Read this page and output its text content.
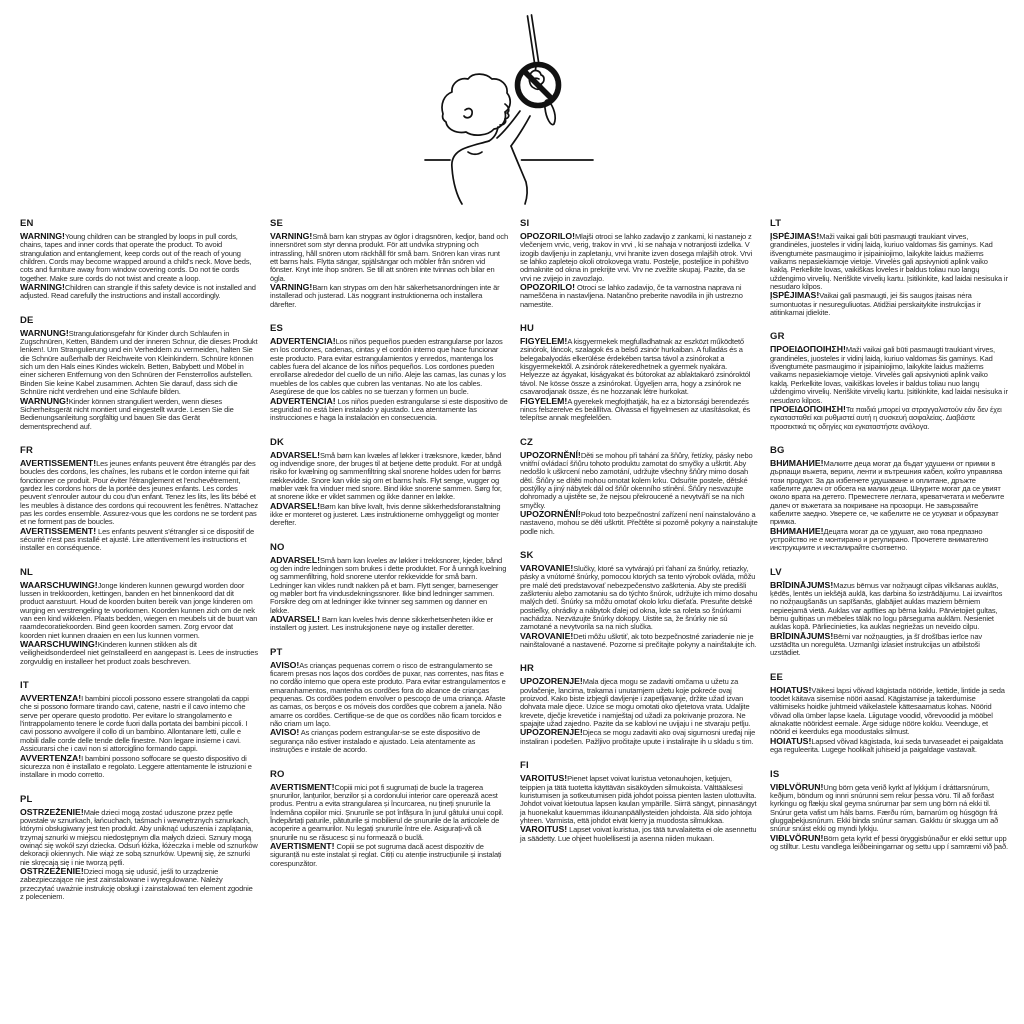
EN

WARNING!Young children can be strangled by loops in pull cords, chains, tapes and inner cords that operate the product. To avoid strangulation and entanglement, keep cords out of the reach of young children. Cords may become wrapped around a child's neck. Move beds, cots and furniture away from window covering cords. Do not tie cords together. Make sure cords do not twist and create a loop.

WARNING!Children can strangle if this safety device is not installed and adjusted. Read carefully the instructions and install accordingly.

DE

WARNUNG!Strangulationsgefahr für Kinder durch Schlaufen in Zugschnüren, Ketten, Bändern und der inneren Schnur, die dieses Produkt lenken!. Um Strangulierung und ein Verheddern zu vermeiden, halten Sie die Schnüre außerhalb der Reichweite von Kleinkindern. Schnüre können sich um den Hals eines Kindes wickeln. Betten, Babybett und Möbel in einer sicheren Entfernung von den Schnüren der Fensterrollos aufstellen. Binden Sie keine Kabel zusammen. Achten Sie darauf, dass sich die Schnüre nicht verdrehen und eine Schlaufe bilden.

WARNUNG!Kinder können stranguliert werden, wenn dieses Sicherheitsgerät nicht montiert und eingestellt wurde. Lesen Sie die Bedienungsanleitung sorgfältig und bauen Sie das Gerät dementsprechend auf.

FR

AVERTISSEMENT!Les jeunes enfants peuvent être étranglés par des boucles des cordons, les chaînes, les rubans et le cordon interne qui fait fonctionner ce produit. Pour éviter l'étranglement et l'enchevêtrement, gardez les cordons hors de la portée des jeunes enfants. Les cordes peuvent s'enrouler autour du cou d'un enfant. Tenez les lits, les lits bébé et les meubles à distance des cordons qui recouvrent les fenêtres. N'attachez pas les cordes ensemble. Assurez-vous que les cordons ne se tordent pas et ne forment pas de boucles.

AVERTISSEMENT! Les enfants peuvent s'étrangler si ce dispositif de sécurité n'est pas installé et ajusté. Lire attentivement les instructions et installer en conséquence.

NL

WAARSCHUWING!Jonge kinderen kunnen gewurgd worden door lussen in trekkoorden, kettingen, banden en het binnenkoord dat dit product aanstuurt. Houd de koorden buiten bereik van jonge kinderen om wurging en verstrengeling te voorkomen. Koorden kunnen zich om de nek van een kind wikkelen. Plaats bedden, wiegen en meubels uit de buurt van raamdecoratiekoorden. Bind geen koorden samen. Zorg ervoor dat koorden niet kunnen draaien en een lus kunnen vormen.

WAARSCHUWING!Kinderen kunnen stikken als dit veiligheidsonderdeel niet geïnstalleerd en aangepast is. Lees de instructies zorgvuldig en installeer het product zoals beschreven.

IT

AVVERTENZA!I bambini piccoli possono essere strangolati da cappi che si possono formare tirando cavi, catene, nastri e il cavo interno che serve per operare questo prodotto. Per evitare lo strangolamento e l'intrappolamento tenere le corde fuori dalla portata dei bambini piccoli. I cavi possono avvolgere il collo di un bambino. Allontanare letti, culle e mobili dalle corde delle tende delle finestre. Non legare insieme i cavi. Assicurarsi che i cavi non si attorciglino formando cappi.

AVVERTENZA!I bambini possono soffocare se questo dispositivo di sicurezza non è installato e regolato. Leggere attentamente le istruzioni e installare in modo corretto.

PL

OSTRZEŻENIE!Małe dzieci mogą zostać uduszone przez pętle powstałe w sznurkach, łańcuchach, taśmach i wewnętrznych sznurkach, którymi obsługiwany jest ten produkt. Aby uniknąć uduszenia i zaplątania, trzymaj sznurki w miejscu niedostępnym dla małych dzieci. Sznury mogą owinąć się wokół szyi dziecka. Odsuń łóżka, łóżeczka i meble od sznurków dekoracji okiennych. Nie wiąż ze sobą sznurków. Upewnij się, że sznurki nie skręcają się i nie tworzą pętli.

OSTRZEŻENIE!Dzieci mogą się udusić, jeśli to urządzenie zabezpieczające nie jest zainstalowane i wyregulowane. Należy przeczytać uważnie instrukcję obsługi i zainstalować ten element zgodnie z poleceniem.

SE

VARNING!Små barn kan strypas av öglor i dragsnören, kedjor, band och innersnöret som styr denna produkt. För att undvika strypning och intrassling, håll snören utom räckhåll för små barn. Snören kan viras runt ett barns hals. Flytta sängar, spjälsängar och möbler från snören vid fönster. Knyt inte ihop snören. Se till att snören inte tvinnas och bilar en ögla.

VARNING!Barn kan strypas om den här säkerhetsanordningen inte är installerad och justerad. Läs noggrant instruktionerna och installera därefter.

ES

ADVERTENCIA!Los niños pequeños pueden estrangularse por lazos en los cordones, cadenas, cintas y el cordón interno que hace funcionar este producto. Para evitar estrangulamientos y enredos, mantenga los cables fuera del alcance de los niños pequeños. Los cordones pueden enrollarse alrededor del cuello de un niño. Aleje las camas, las cunas y los muebles de los cables que cubren las ventanas. No ate los cables. Asegúrese de que los cables no se tuerzan y formen un bucle.

ADVERTENCIA! Los niños pueden estrangularse si este dispositivo de seguridad no está bien instalado y ajustado. Lea atentamente las instrucciones e haga la instalación en consecuencia.

DK

ADVARSEL!Små børn kan kvæles af løkker i træksnore, kæder, bånd og indvendige snore, der bruges til at betjene dette produkt. For at undgå risiko for kvælning og sammenfiltring skal snorene holdes uden for børns rækkevidde. Snore kan vikle sig om et barns hals. Flyt senge, vugger og møbler væk fra vinduer med snore. Bind ikke snorene sammen. Sørg for, at snorene ikke er viklet sammen og ikke danner en løkke.

ADVARSEL!Børn kan blive kvalt, hvis denne sikkerhedsforanstaltning ikke er monteret og justeret. Læs instruktionerne omhyggeligt og monter derefter.

NO

ADVARSEL!Små barn kan kveles av løkker i trekksnorer, kjeder, bånd og den indre ledningen som brukes i dette produktet. For å unngå kvelning og sammenfiltring, hold snorene utenfor rekkevidde for små barn. Ledninger kan vikles rundt nakken på et barn. Flytt senger, barnesenger og møbler bort fra vindusdekningssnorer. Ikke bind ledninger sammen. Forsikre deg om at ledninger ikke tvinner seg sammen og danner en løkke.

ADVARSEL! Barn kan kveles hvis denne sikkerhetsenheten ikke er installert og justert. Les instruksjonene nøye og installer deretter.

PT

AVISO!As crianças pequenas correm o risco de estrangulamento se ficarem presas nos laços dos cordões de puxar, nas correntes, nas fitas e no cordão interno que opera este produto. Para evitar estrangulamentos e emaranhamentos, mantenha os cordões fora do alcance de crianças pequenas. Os cordões podem envolver o pescoço de uma criança. Afaste as camas, os berços e os móveis dos cordões que cobrem a janela. Não amarre os cordões. Certifique-se de que os cordões não ficam torcidos e não criam um laço.

AVISO! As crianças podem estrangular-se se este dispositivo de segurança não estiver instalado e ajustado. Leia atentamente as instruções e instale de acordo.

RO

AVERTISMENT!Copiii mici pot fi sugrumați de bucle la tragerea șnururilor, lanțurilor, benzilor și a cordonului interior care operează acest produs. Pentru a evita strangularea și încurcarea, nu țineți șnururile la îndemâna copiilor mici. Șnururile se pot înfășura în jurul gâtului unui copil. Îndepărtați paturile, pătuturile și mobilierul de șnururile de la articolele de acoperire a geamurilor. Nu legați șnururile între ele. Asigurați-vă că șnururile nu se răsucesc și nu formează o buclă.

AVERTISMENT! Copiii se pot sugruma dacă acest dispozitiv de siguranță nu este instalat și reglat. Citiți cu atenție instrucțiunile și instalați corespunzător.

SI

OPOZORILO!Mlajši otroci se lahko zadavijo z zankami, ki nastanejo z vlečenjem vrvic, verig, trakov in vrvi , ki se nahaja v notranjosti izdelka. V izogib davljenju in zapletanju, vrvi hranite izven dosega mlajših otrok. Vrvi se lahko zapletejo okoli otrokovega vratu. Postelje, posteljice in pohištvo odmaknite od okna in prekrijte vrvi. Vrv ne zvežite skupaj. Pazite, da se vrvi ne zvijejo in zavozlajo.

OPOZORILO! Otroci se lahko zadavijo, če ta varnostna naprava ni nameščena in nastavljena. Natančno preberite navodila in jih ustrezno namestite.

HU

FIGYELEM!A kisgyermekek megfulladhatnak az eszközt működtető zsinórok, láncok, szalagok és a belső zsinór hurkaiban. A fulladás és a belegabalyodás elkerülése érdekében tartsa távol a zsinórokat a kisgyermekektől. A zsinórok rátekeredhetnek a gyermek nyakára. Helyezze az ágyakat, kiságyakat és bútorokat az ablaktakaró zsinóroktól távol. Ne kösse össze a zsinórokat. Ügyeljen arra, hogy a zsinórok ne csavarodjanak össze, és ne hozzanak létre hurkokat.

FIGYELEM!A gyerekek megfojthatják, ha ez a biztonsági berendezés nincs felszerelve és beállítva. Olvassa el figyelmesen az utasításokat, és telepítse annak megfelelően.

CZ

UPOZORNĚNÍ!Děti se mohou při tahání za šňůry, řetízky, pásky nebo vnitřní ovládací šňůru tohoto produktu zamotat do smyčky a uškrtit. Aby nedošlo k uškrcení nebo zamotání, udržujte všechny šňůry mimo dosah dětí. Šňůry se dítěti mohou omotat kolem krku. Odsuňte postele, dětské postýlky a jiný nábytek dál od šňůr okenního stínění. Šňůry nesvazujte dohromady a ujistěte se, že nejsou překroucené a nevytváří se na nich smyčky.

UPOZORNĚNÍ!Pokud toto bezpečnostní zařízení není nainstalováno a nastaveno, mohou se děti uškrtit. Přečtěte si pozorně pokyny a nainstalujte podle nich.

SK

VAROVANIE!Slučky, ktoré sa vytvárajú pri ťahaní za šnúrky, retiazky, pásky a vnútorné šnúrky, pomocou ktorých sa tento výrobok ovláda, môžu pre malé deti predstavovať nebezpečenstvo zaškrtenia. Aby ste predišli zaškrteniu alebo zamotaniu sa do týchto šnúrok, udržujte ich mimo dosahu malých detí. Šnúrky sa môžu omotať okolo krku dieťaťa. Presuňte detské postieľky, ohrádky a nábytok ďalej od okna, kde sa roleta so šnúrkami nachádza. Nezväzujte šnúrky dokopy. Uistite sa, že šnúrky nie sú zamotané a nevytvorila sa na nich slučka.

VAROVANIE!Deti môžu uškrtiť, ak toto bezpečnostné zariadenie nie je nainštalované a nastavené. Pozorne si prečítajte pokyny a nainštalujte ich.

HR

UPOZORENJE!Mala djeca mogu se zadaviti omčama u užetu za povlačenje, lancima, trakama i unutarnjem užetu koje pokreće ovaj proizvod. Kako biste izbjegli davljenje i zapetljavanje, držite užad izvan dohvata male djece. Uzice se mogu omotati oko djetetova vrata. Udaljite krevete, dječje krevetiće i namještaj od užadi za pokrivanje prozora. Ne spajajte užad zajedno. Pazite da se kablovi ne uvijaju i ne stvaraju petlju.

UPOZORENJE!Djeca se mogu zadaviti ako ovaj sigurnosni uređaj nije instaliran i podešen. Pažljivo pročitajte upute i instalirajte ih u skladu s tim.

FI

VAROITUS!Pienet lapset voivat kuristua vetonauhojen, ketjujen, teippien ja tätä tuotetta käyttävän sisäköyden silmukoista. Välttääksesi kuristumisen ja sotkeutumisen pidä johdot poissa pienten lasten ulottuvilta. Johdot voivat kietoutua lapsen kaulan ympärille. Siirrä sängyt, pinnasängyt ja huonekalut kauemmas ikkunanpäällysteiden johdoista. Älä sido johtoja yhteen. Varmista, että johdot eivät kierry ja muodosta silmukkaa.

VAROITUS! Lapset voivat kuristua, jos tätä turvalaitetta ei ole asennettu ja säädetty. Lue ohjeet huolellisesti ja asenna niiden mukaan.

LT

ĮSPĖJIMAS!Maži vaikai gali būti pasmaugti traukiant virves, grandinėles, juosteles ir vidinį laidą, kuriuo valdomas šis gaminys. Kad išvengtumėte pasmaugimo ir įsipainiojimo, laikykite laidus mažiems vaikams nepasiekiamoje vietoje. Virvelės gali apsivynioti aplink vaiko kaklą. Perkelkite lovas, vaikiškas loveles ir baldus toliau nuo langų uždengimo virvelių. Neriškite virvelių kartu. Įsitikinkite, kad laidai nesisuka ir nesudaro kilpos.

ĮSPĖJIMAS!Vaikai gali pasmaugti, jei šis saugos įtaisas nėra sumontuotas ir nesureguliuotas. Atidžiai perskaitykite instrukcijas ir atitinkamai įdiekite.

GR

ΠΡΟΕΙΔΟΠΟΙΗΣΗ!Maži vaikai gali būti pasmaugti traukiant virves, grandinėles, juosteles ir vidinį laidą, kuriuo valdomas šis gaminys. Kad išvengtumėte pasmaugimo ir įsipainiojimo, laikykite laidus mažiems vaikams nepasiekiamoje vietoje. Virvelės gali apsivynioti aplink vaiko kaklą. Perkelkite lovas, vaikiškas loveles ir baldus toliau nuo langų uždengimo virvelių. Neriškite virvelių kartu. Įsitikinkite, kad laidai nesisuka ir nesudaro kilpos.

ΠΡΟΕΙΔΟΠΟΙΗΣΗ!Τα παιδιά μπορεί να στραγγαλιστούν εάν δεν έχει εγκατασταθεί και ρυθμιστεί αυτή η συσκευή ασφαλείας. Διαβάστε προσεκτικά τις οδηγίες και εγκαταστήστε ανάλογα.

BG

ВНИМАНИЕ!Малките деца могат да бъдат удушени от примки в дърпащи въжета, вериги, ленти и вътрешния кабел, който управлява този продукт. За да избегнете удушаване и оплитане, дръжте кабелите далеч от обсега на малки деца. Шнурите могат да се увият около врата на детето. Преместете леглата, креватчетата и мебелите далеч от въжетата за покриване на прозорци. Не завързвайте кабелите заедно. Уверете се, че кабелите не се усукват и образуват примка.

ВНИМАНИЕ!Децата могат да се удушат, ако това предпазно устройство не е монтирано и регулирано. Прочетете внимателно инструкциите и инсталирайте съответно.

LV

BRĪDINĀJUMS!Mazus bērnus var nožņaugt cilpas vilkšanas auklās, ķēdēs, lentēs un iekšējā auklā, kas darbina šo izstrādājumu. Lai izvairītos no nožņaugšanās un sapīšanās, glabājiet auklas maziem bērniem nepieejamā vietā. Auklas var aptīties ap bērna kaklu. Pārvietojiet gultas, bērnu gultiņas un mēbeles tālāk no logu pārseguma auklām. Nesieniet auklas kopā. Pārliecinieties, ka auklas negriežas un neveido cilpu.

BRĪDINĀJUMS!Bērni var nožņaugties, ja šī drošības ierīce nav uzstādīta un noregulēta. Uzmanīgi izlasiet instrukcijas un atbilstoši uzstādiet.

EE

HOIATUS!Väikesi lapsi võivad kägistada nööride, kettide, lintide ja seda toodet käitava sisemise nööri aasad. Kägistamise ja takerdumise vältimiseks hoidke juhtmeid väikelastele kättesaamatus kohas. Nöörid võivad olla ümber lapse kaela. Liigutage voodid, võrevoodid ja mööbel aknakatte nööridest eemale. Ärge siduge nööre kokku. Veenduge, et nöörid ei keerduks ega moodustaks silmust.

HOIATUS!Lapsed võivad kägistada, kui seda turvaseadet ei paigaldata ega reguleerita. Lugege hoolikalt juhiseid ja paigaldage vastavalt.

IS

VIÐLVÖRUN!Ung börn geta verið kyrkt af lykkjum í dráttarsnúrum, keðjum, böndum og innri snúrunni sem rekur þessa vöru. Til að forðast kyrkingu og flækju skal geyma snúrurnar þar sem ung börn ná ekki til. Snúrur geta vafist um háls barns. Færðu rúm, barnarúm og húsgögn frá gluggaþekjusnúrum. Ekki binda snúrur saman. Gakktu úr skugga um að snúrur snúist ekki og myndi lykkju.

VIÐLVÖRUN!Börn geta kyrkt ef þessi öryggisbúnaður er ekki settur upp og stilltur. Lestu vandlega leiðbeiningarnar og settu upp í samræmi við það.
